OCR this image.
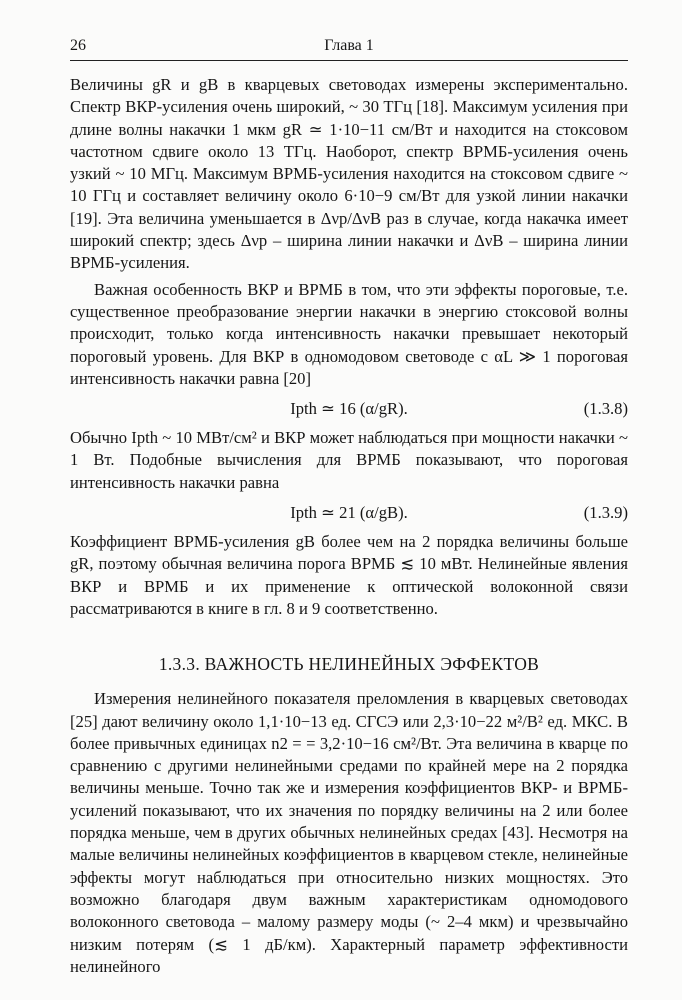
26	Глава 1

Величины gR и gB в кварцевых световодах измерены экспериментально. Спектр ВКР-усиления очень широкий, ~ 30 ТГц [18]. Максимум усиления при длине волны накачки 1 мкм gR ≃ 1·10−11 см/Вт и находится на стоксовом частотном сдвиге около 13 ТГц. Наоборот, спектр ВРМБ-усиления очень узкий ~ 10 МГц. Максимум ВРМБ-усиления находится на стоксовом сдвиге ~ 10 ГГц и составляет величину около 6·10−9 см/Вт для узкой линии накачки [19]. Эта величина уменьшается в Δνp/ΔνB раз в случае, когда накачка имеет широкий спектр; здесь Δνp – ширина линии накачки и ΔνB – ширина линии ВРМБ-усиления.

Важная особенность ВКР и ВРМБ в том, что эти эффекты пороговые, т.е. существенное преобразование энергии накачки в энергию стоксовой волны происходит, только когда интенсивность накачки превышает некоторый пороговый уровень. Для ВКР в одномодовом световоде с αL ≫ 1 пороговая интенсивность накачки равна [20]

Ipth ≃ 16 (α/gR).	(1.3.8)

Обычно Ipth ~ 10 МВт/см² и ВКР может наблюдаться при мощности накачки ~ 1 Вт. Подобные вычисления для ВРМБ показывают, что пороговая интенсивность накачки равна

Ipth ≃ 21 (α/gB).	(1.3.9)

Коэффициент ВРМБ-усиления gB более чем на 2 порядка величины больше gR, поэтому обычная величина порога ВРМБ ≲ 10 мВт. Нелинейные явления ВКР и ВРМБ и их применение к оптической волоконной связи рассматриваются в книге в гл. 8 и 9 соответственно.

1.3.3. ВАЖНОСТЬ НЕЛИНЕЙНЫХ ЭФФЕКТОВ

Измерения нелинейного показателя преломления в кварцевых световодах [25] дают величину около 1,1·10−13 ед. СГСЭ или 2,3·10−22 м²/В² ед. МКС. В более привычных единицах n2 = = 3,2·10−16 см²/Вт. Эта величина в кварце по сравнению с другими нелинейными средами по крайней мере на 2 порядка величины меньше. Точно так же и измерения коэффициентов ВКР- и ВРМБ-усилений показывают, что их значения по порядку величины на 2 или более порядка меньше, чем в других обычных нелинейных средах [43]. Несмотря на малые величины нелинейных коэффициентов в кварцевом стекле, нелинейные эффекты могут наблюдаться при относительно низких мощностях. Это возможно благодаря двум важным характеристикам одномодового волоконного световода – малому размеру моды (~ 2–4 мкм) и чрезвычайно низким потерям (≲ 1 дБ/км). Характерный параметр эффективности нелинейного
